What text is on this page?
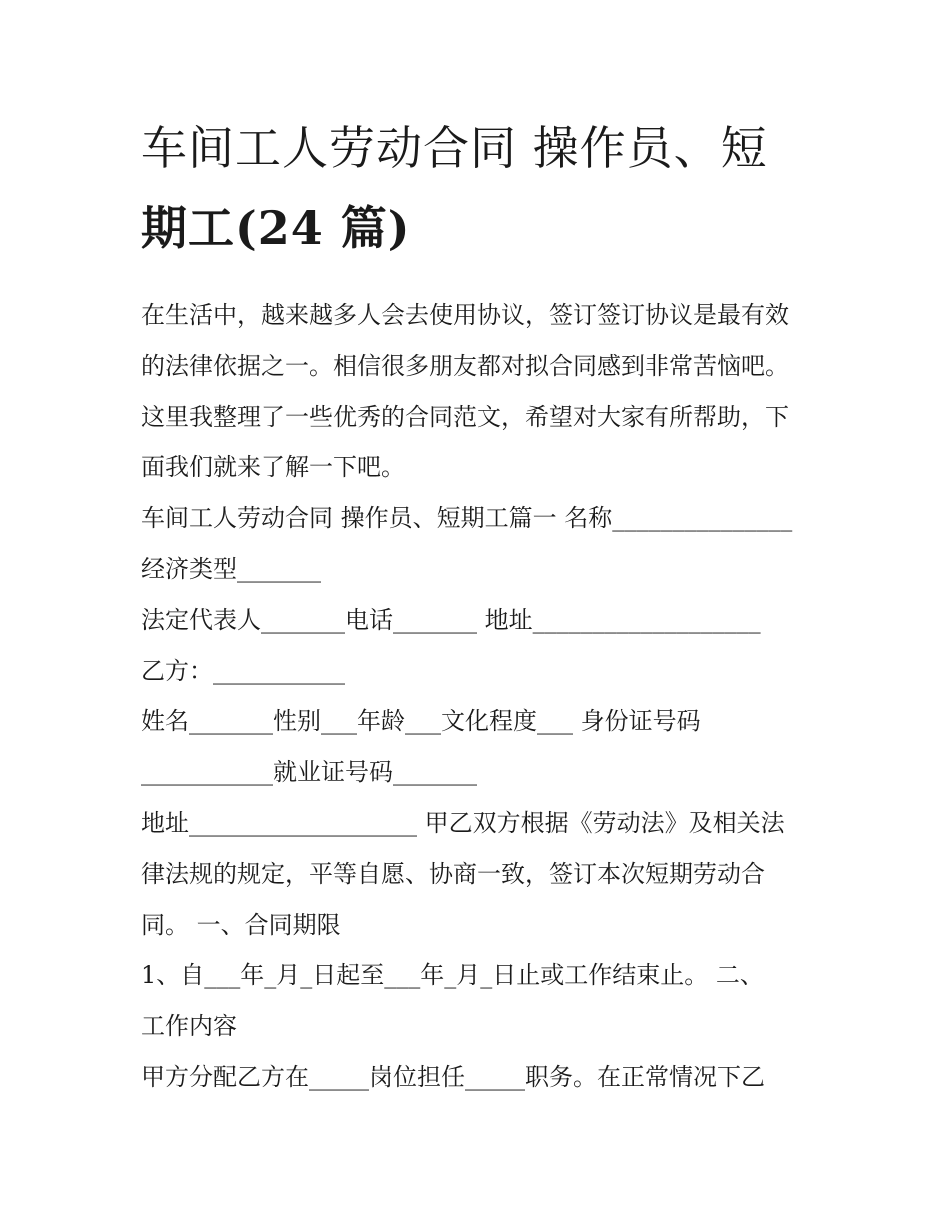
车间工人劳动合同 操作员、短
期工(24 篇)
在生活中，越来越多人会去使用协议，签订签订协议是最有效
的法律依据之一。相信很多朋友都对拟合同感到非常苦恼吧。
这里我整理了一些优秀的合同范文，希望对大家有所帮助，下
面我们就来了解一下吧。
车间工人劳动合同 操作员、短期工篇一 名称_______________
经济类型_______
法定代表人_______电话_______ 地址___________________
乙方：___________
姓名_______性别___年龄___文化程度___ 身份证号码
___________就业证号码_______
地址___________________ 甲乙双方根据《劳动法》及相关法
律法规的规定，平等自愿、协商一致，签订本次短期劳动合
同。 一、合同期限
1、自___年_月_日起至___年_月_日止或工作结束止。 二、
工作内容
甲方分配乙方在_____岗位担任_____职务。在正常情况下乙
